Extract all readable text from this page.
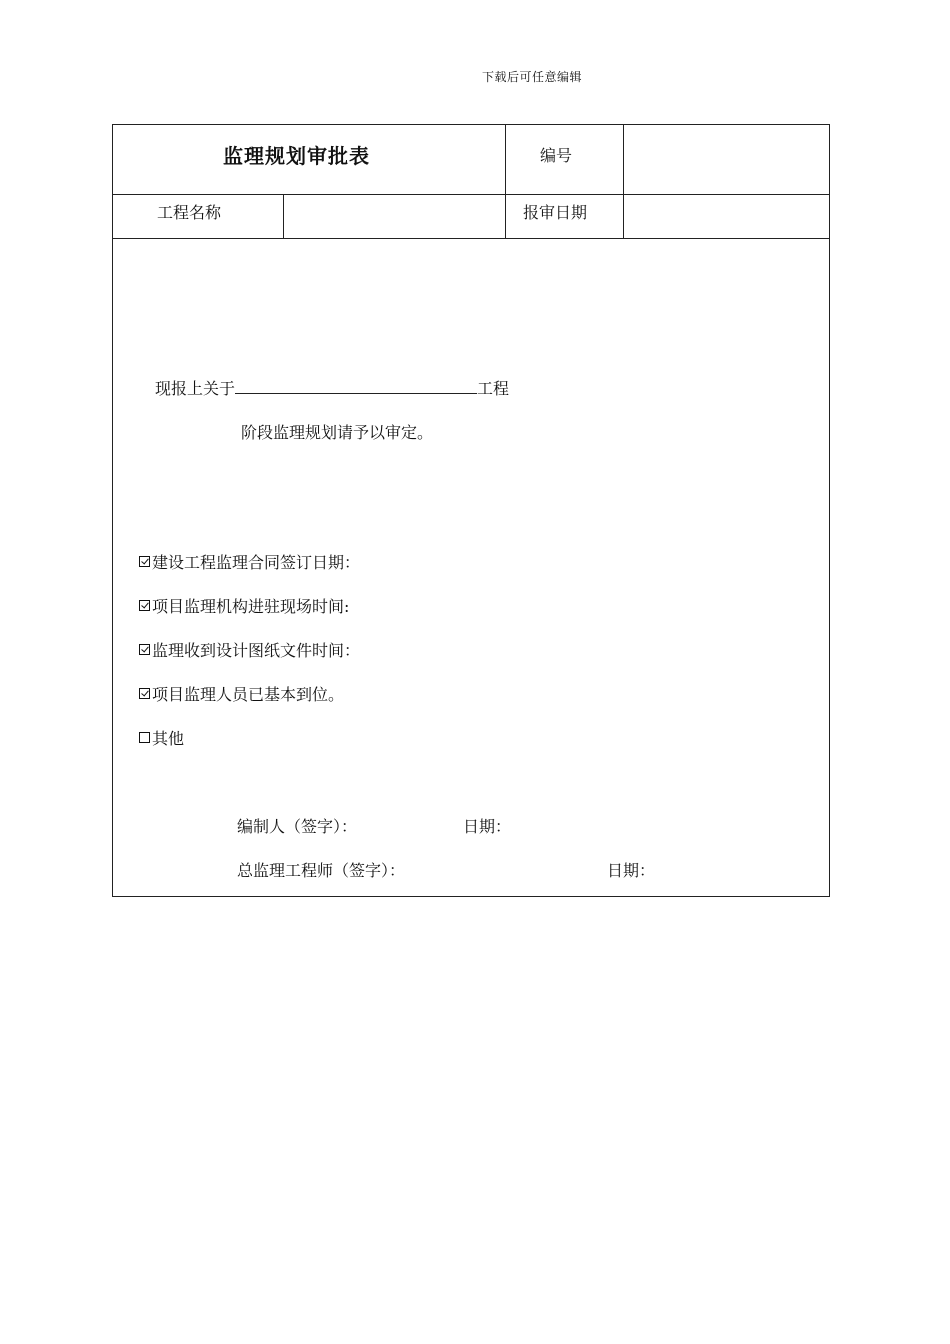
下载后可任意编辑
监理规划审批表	编号
工程名称	报审日期
现报上关于	工程
阶段监理规划请予以审定。
建设工程监理合同签订日期：
项目监理机构进驻现场时间:
监理收到设计图纸文件时间：
项目监理人员已基本到位。
其他
编制人（签字）：	日期：
总监理工程师（签字）：	日期：
